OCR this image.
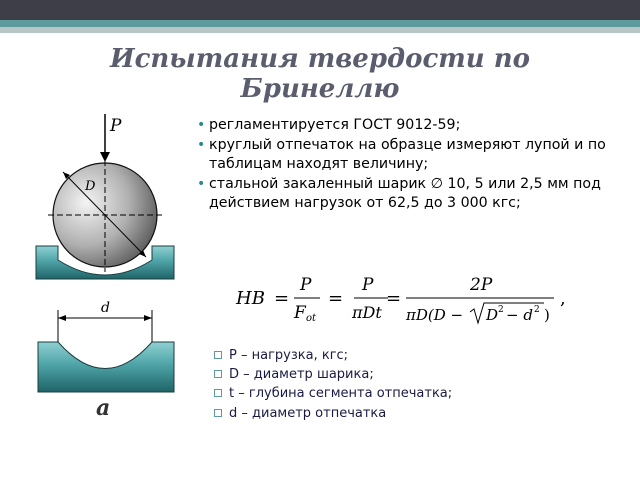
Испытания твердости по Бринеллю
P
D
d
a
• регламентируется ГОСТ 9012-59;
• круглый отпечаток на образце измеряют лупой и по таблицам находят величину;
• стальной закаленный шарик ∅ 10, 5 или 2,5 мм под действием нагрузок от 62,5 до 3 000 кгс;
HB =
P
F ot
=
P
πDt
=
2P
πD(D − D 2 − d 2 )
,
P – нагрузка, кгс;
D – диаметр шарика;
t – глубина сегмента отпечатка;
d – диаметр отпечатка
